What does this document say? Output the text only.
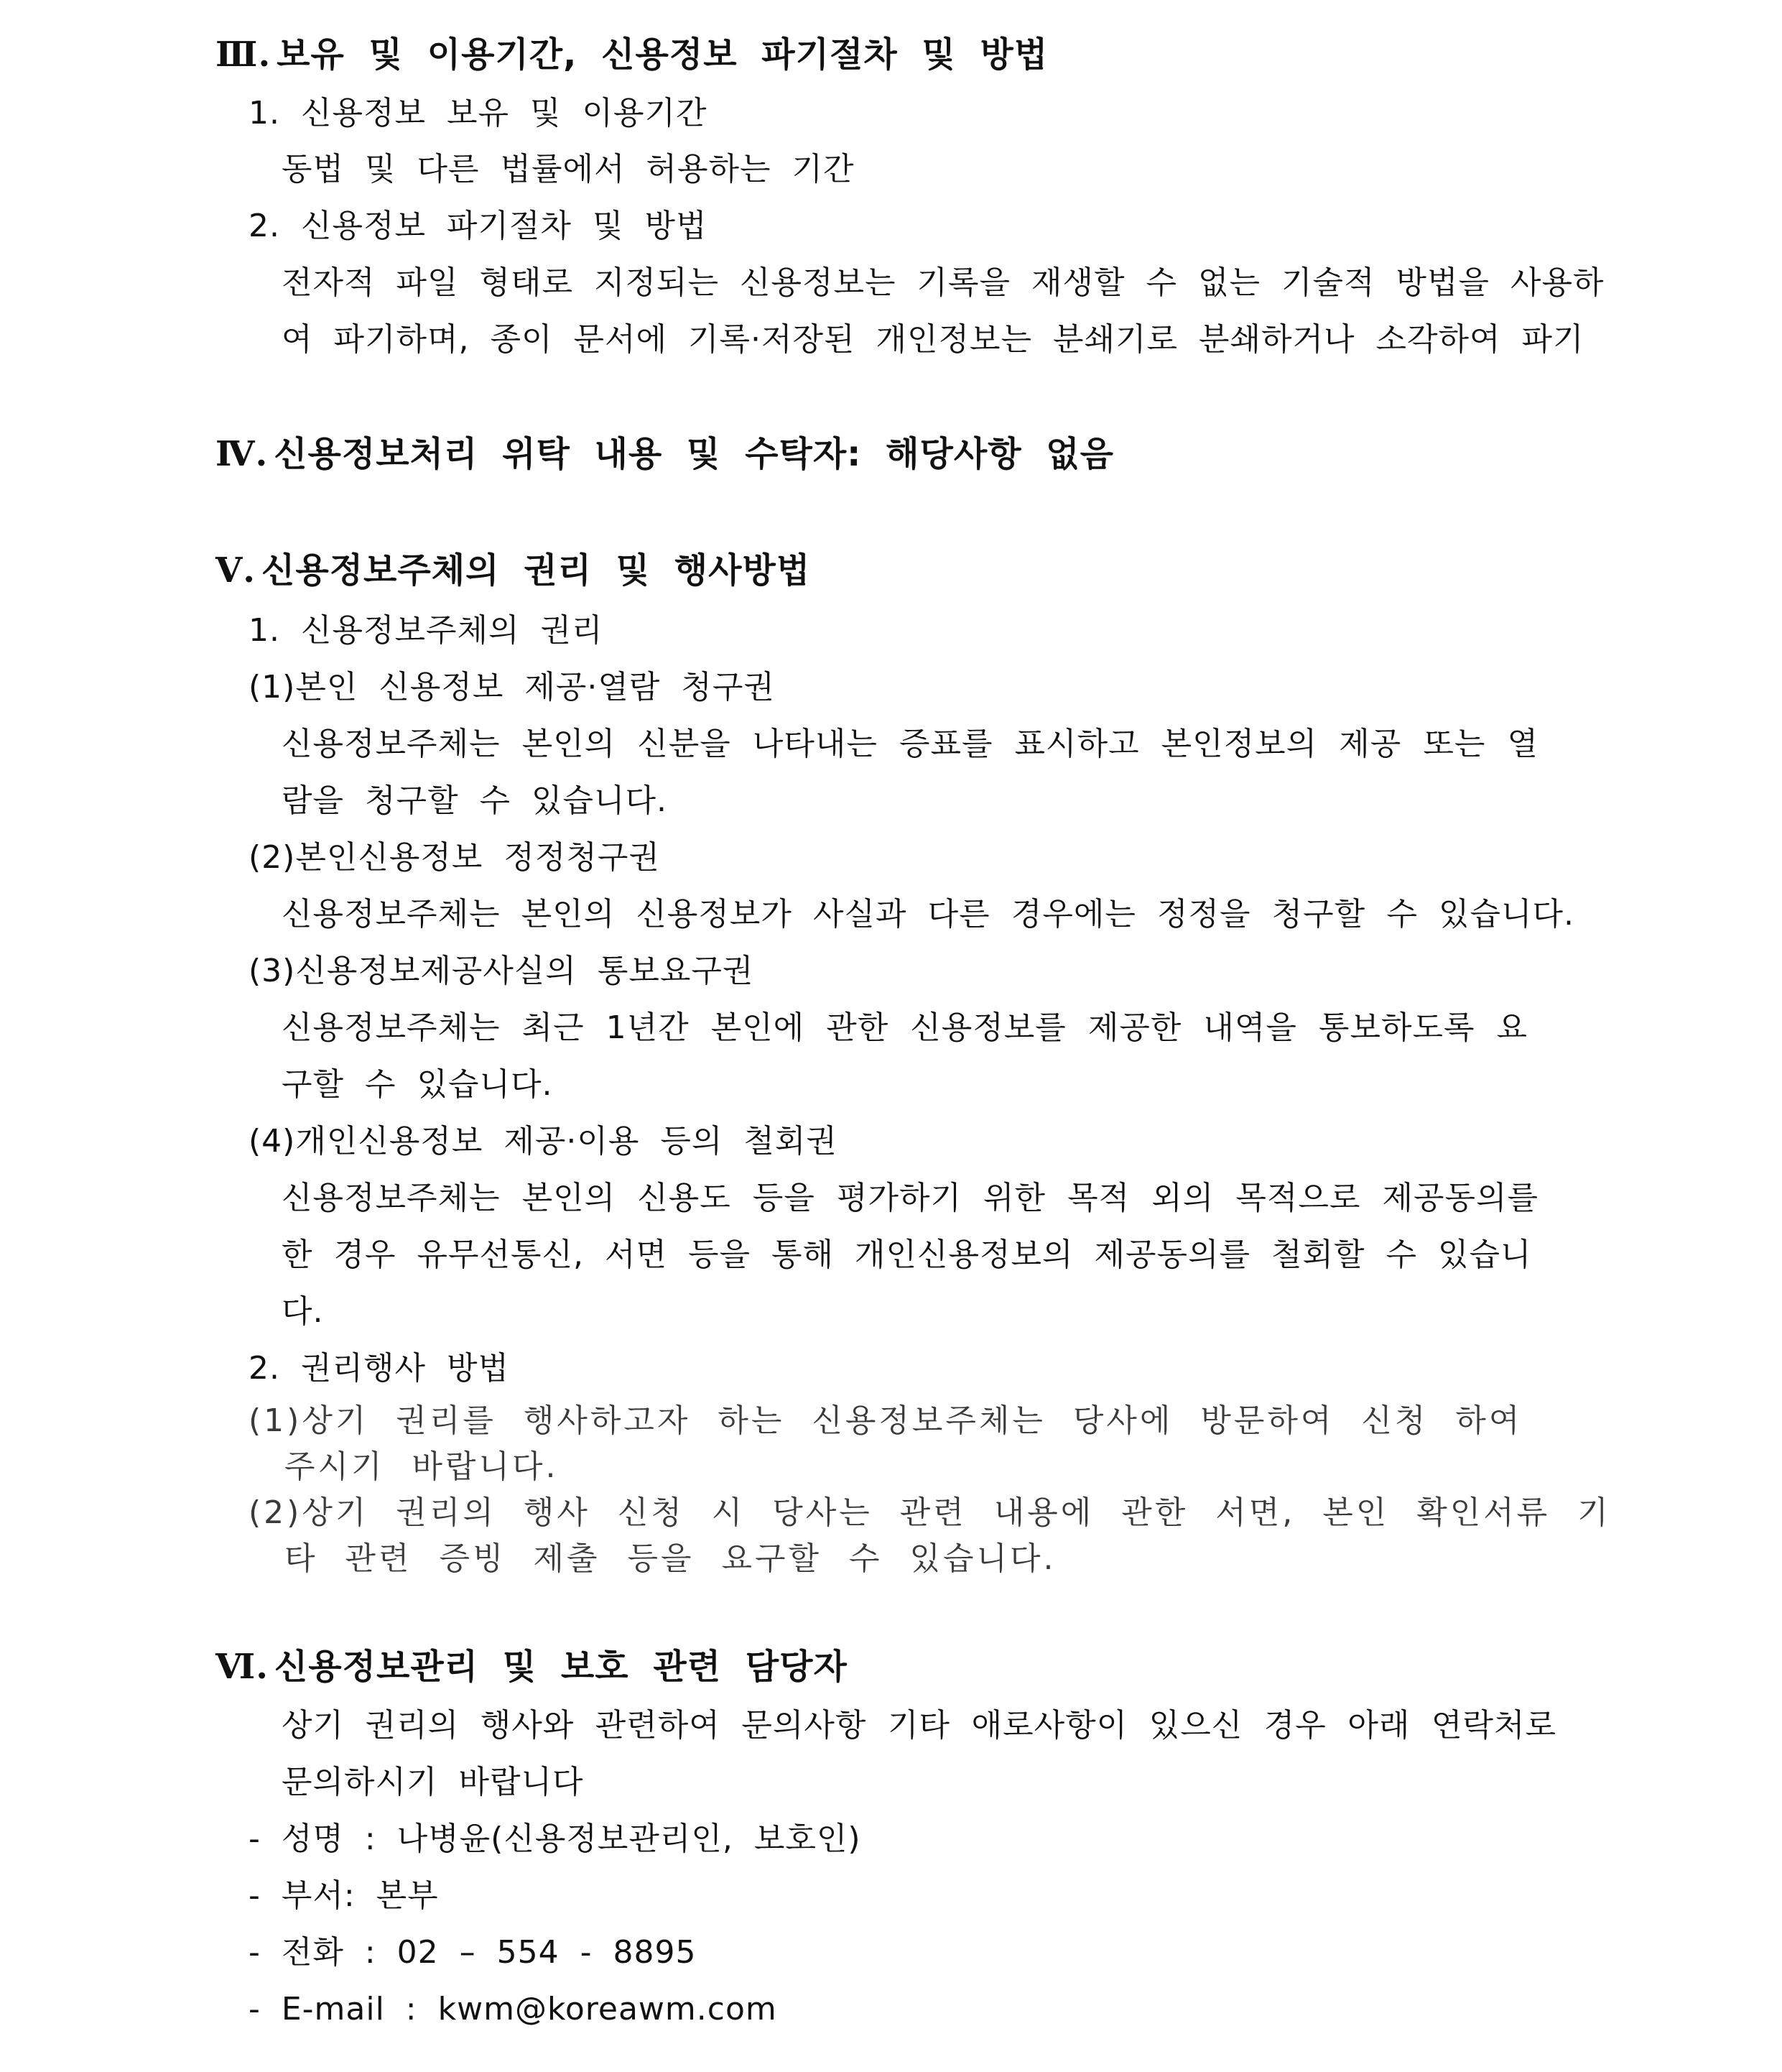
Ⅲ. 보유 및 이용기간, 신용정보 파기절차 및 방법
1. 신용정보 보유 및 이용기간
동법 및 다른 법률에서 허용하는 기간
2. 신용정보 파기절차 및 방법
전자적 파일 형태로 지정되는 신용정보는 기록을 재생할 수 없는 기술적 방법을 사용하
여 파기하며, 종이 문서에 기록·저장된 개인정보는 분쇄기로 분쇄하거나 소각하여 파기
Ⅳ. 신용정보처리 위탁 내용 및 수탁자: 해당사항 없음
Ⅴ. 신용정보주체의 권리 및 행사방법
1. 신용정보주체의 권리
(1)본인 신용정보 제공·열람 청구권
신용정보주체는 본인의 신분을 나타내는 증표를 표시하고 본인정보의 제공 또는 열
람을 청구할 수 있습니다.
(2)본인신용정보 정정청구권
신용정보주체는 본인의 신용정보가 사실과 다른 경우에는 정정을 청구할 수 있습니다.
(3)신용정보제공사실의 통보요구권
신용정보주체는 최근 1년간 본인에 관한 신용정보를 제공한 내역을 통보하도록 요
구할 수 있습니다.
(4)개인신용정보 제공·이용 등의 철회권
신용정보주체는 본인의 신용도 등을 평가하기 위한 목적 외의 목적으로 제공동의를
한 경우 유무선통신, 서면 등을 통해 개인신용정보의 제공동의를 철회할 수 있습니
다.
2. 권리행사 방법
(1)상기 권리를 행사하고자 하는 신용정보주체는 당사에 방문하여 신청 하여
주시기 바랍니다.
(2)상기 권리의 행사 신청 시 당사는 관련 내용에 관한 서면, 본인 확인서류 기
타 관련 증빙 제출 등을 요구할 수 있습니다.
Ⅵ. 신용정보관리 및 보호 관련 담당자
상기 권리의 행사와 관련하여 문의사항 기타 애로사항이 있으신 경우 아래 연락처로
문의하시기 바랍니다
- 성명 : 나병윤(신용정보관리인, 보호인)
- 부서: 본부
- 전화 : 02 – 554 - 8895
- E-mail : kwm@koreawm.com
